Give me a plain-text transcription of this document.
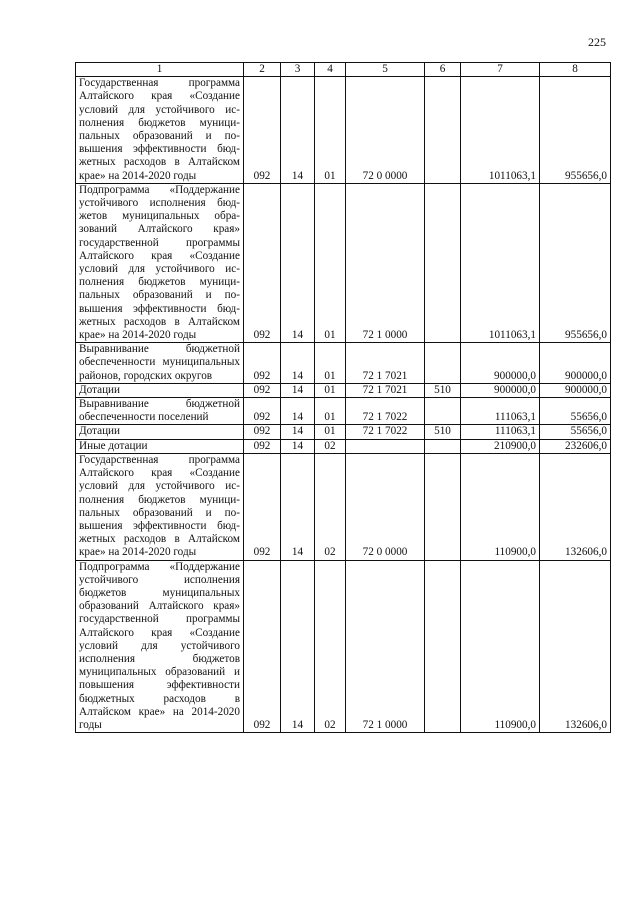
225
1	2	3	4	5	6	7	8
Государственная программа Алтайского края «Создание условий для устойчивого исполнения бюджетов муниципальных образований и повышения эффективности бюджетных расходов в Алтайском крае» на 2014-2020 годы	092	14	01	72 0 0000		1011063,1	955656,0
Подпрограмма «Поддержание устойчивого исполнения бюджетов муниципальных образований Алтайского края» государственной программы Алтайского края «Создание условий для устойчивого исполнения бюджетов муниципальных образований и повышения эффективности бюджетных расходов в Алтайском крае» на 2014-2020 годы	092	14	01	72 1 0000		1011063,1	955656,0
Выравнивание бюджетной обеспеченности муниципальных районов, городских округов	092	14	01	72 1 7021		900000,0	900000,0
Дотации	092	14	01	72 1 7021	510	900000,0	900000,0
Выравнивание бюджетной обеспеченности поселений	092	14	01	72 1 7022		111063,1	55656,0
Дотации	092	14	01	72 1 7022	510	111063,1	55656,0
Иные дотации	092	14	02			210900,0	232606,0
Государственная программа Алтайского края «Создание условий для устойчивого исполнения бюджетов муниципальных образований и повышения эффективности бюджетных расходов в Алтайском крае» на 2014-2020 годы	092	14	02	72 0 0000		110900,0	132606,0
Подпрограмма «Поддержание устойчивого исполнения бюджетов муниципальных образований Алтайского края» государственной программы Алтайского края «Создание условий для устойчивого исполнения бюджетов муниципальных образований и повышения эффективности бюджетных расходов в Алтайском крае» на 2014-2020 годы	092	14	02	72 1 0000		110900,0	132606,0
